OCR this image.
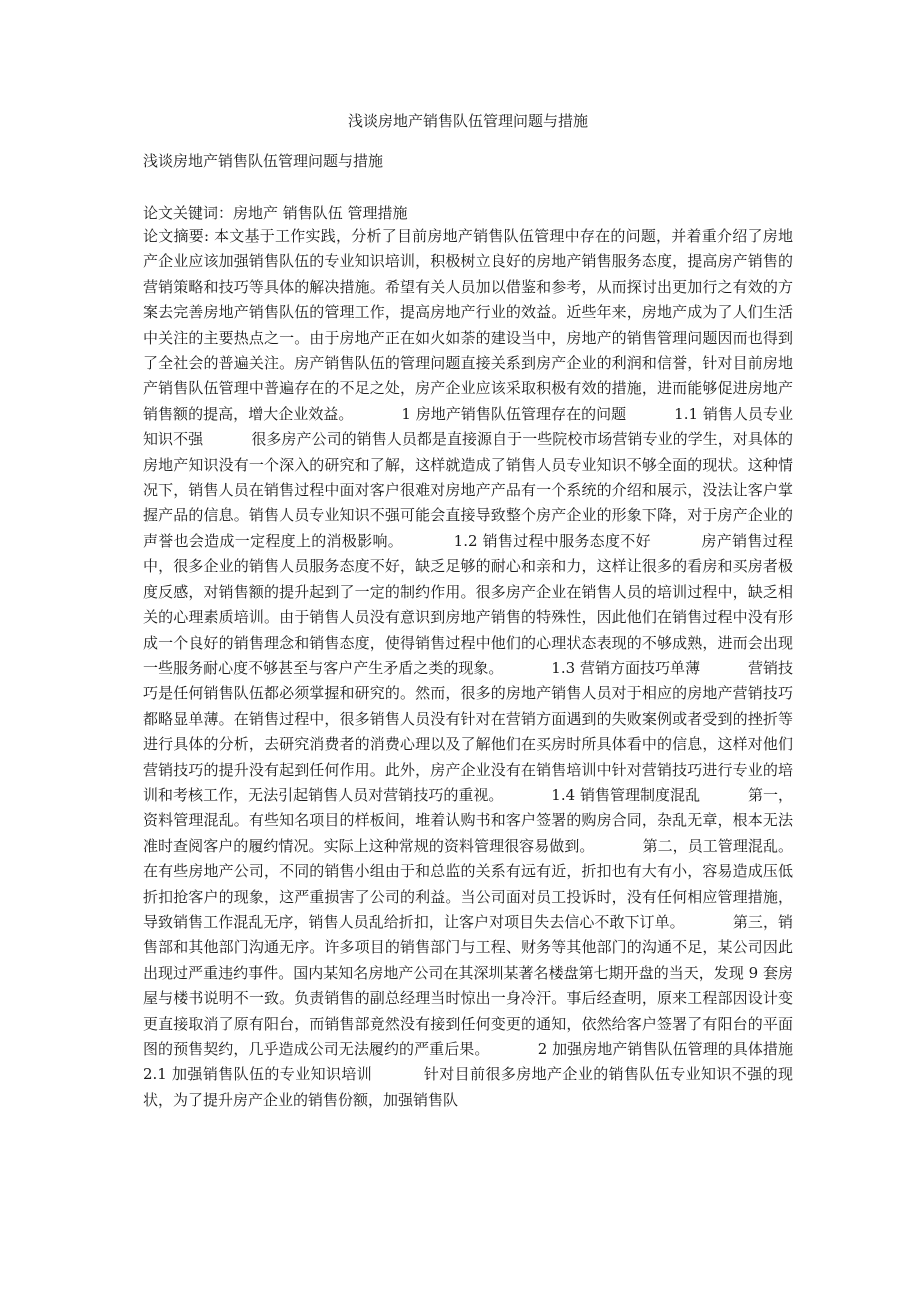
浅谈房地产销售队伍管理问题与措施
浅谈房地产销售队伍管理问题与措施

论文关键词：房地产 销售队伍 管理措施

论文摘要: 本文基于工作实践，分析了目前房地产销售队伍管理中存在的问题，并着重介绍了房地产企业应该加强销售队伍的专业知识培训，积极树立良好的房地产销售服务态度，提高房产销售的营销策略和技巧等具体的解决措施。希望有关人员加以借鉴和参考，从而探讨出更加行之有效的方案去完善房地产销售队伍的管理工作，提高房地产行业的效益。近些年来，房地产成为了人们生活中关注的主要热点之一。由于房地产正在如火如荼的建设当中，房地产的销售管理问题因而也得到了全社会的普遍关注。房产销售队伍的管理问题直接关系到房产企业的利润和信誉，针对目前房地产销售队伍管理中普遍存在的不足之处，房产企业应该采取积极有效的措施，进而能够促进房地产销售额的提高，增大企业效益。          1 房地产销售队伍管理存在的问题          1.1 销售人员专业知识不强          很多房产公司的销售人员都是直接源自于一些院校市场营销专业的学生，对具体的房地产知识没有一个深入的研究和了解，这样就造成了销售人员专业知识不够全面的现状。这种情况下，销售人员在销售过程中面对客户很难对房地产产品有一个系统的介绍和展示，没法让客户掌握产品的信息。销售人员专业知识不强可能会直接导致整个房产企业的形象下降，对于房产企业的声誉也会造成一定程度上的消极影响。          1.2 销售过程中服务态度不好          房产销售过程中，很多企业的销售人员服务态度不好，缺乏足够的耐心和亲和力，这样让很多的看房和买房者极度反感，对销售额的提升起到了一定的制约作用。很多房产企业在销售人员的培训过程中，缺乏相关的心理素质培训。由于销售人员没有意识到房地产销售的特殊性，因此他们在销售过程中没有形成一个良好的销售理念和销售态度，使得销售过程中他们的心理状态表现的不够成熟，进而会出现一些服务耐心度不够甚至与客户产生矛盾之类的现象。          1.3 营销方面技巧单薄          营销技巧是任何销售队伍都必须掌握和研究的。然而，很多的房地产销售人员对于相应的房地产营销技巧都略显单薄。在销售过程中，很多销售人员没有针对在营销方面遇到的失败案例或者受到的挫折等进行具体的分析，去研究消费者的消费心理以及了解他们在买房时所具体看中的信息，这样对他们营销技巧的提升没有起到任何作用。此外，房产企业没有在销售培训中针对营销技巧进行专业的培训和考核工作，无法引起销售人员对营销技巧的重视。          1.4 销售管理制度混乱          第一，资料管理混乱。有些知名项目的样板间，堆着认购书和客户签署的购房合同，杂乱无章，根本无法准时查阅客户的履约情况。实际上这种常规的资料管理很容易做到。          第二，员工管理混乱。在有些房地产公司，不同的销售小组由于和总监的关系有远有近，折扣也有大有小，容易造成压低折扣抢客户的现象，这严重损害了公司的利益。当公司面对员工投诉时，没有任何相应管理措施，导致销售工作混乱无序，销售人员乱给折扣，让客户对项目失去信心不敢下订单。          第三，销售部和其他部门沟通无序。许多项目的销售部门与工程、财务等其他部门的沟通不足，某公司因此出现过严重违约事件。国内某知名房地产公司在其深圳某著名楼盘第七期开盘的当天，发现 9 套房屋与楼书说明不一致。负责销售的副总经理当时惊出一身冷汗。事后经查明，原来工程部因设计变更直接取消了原有阳台，而销售部竟然没有接到任何变更的通知，依然给客户签署了有阳台的平面图的预售契约，几乎造成公司无法履约的严重后果。          2 加强房地产销售队伍管理的具体措施          2.1 加强销售队伍的专业知识培训          针对目前很多房地产企业的销售队伍专业知识不强的现状，为了提升房产企业的销售份额，加强销售队
